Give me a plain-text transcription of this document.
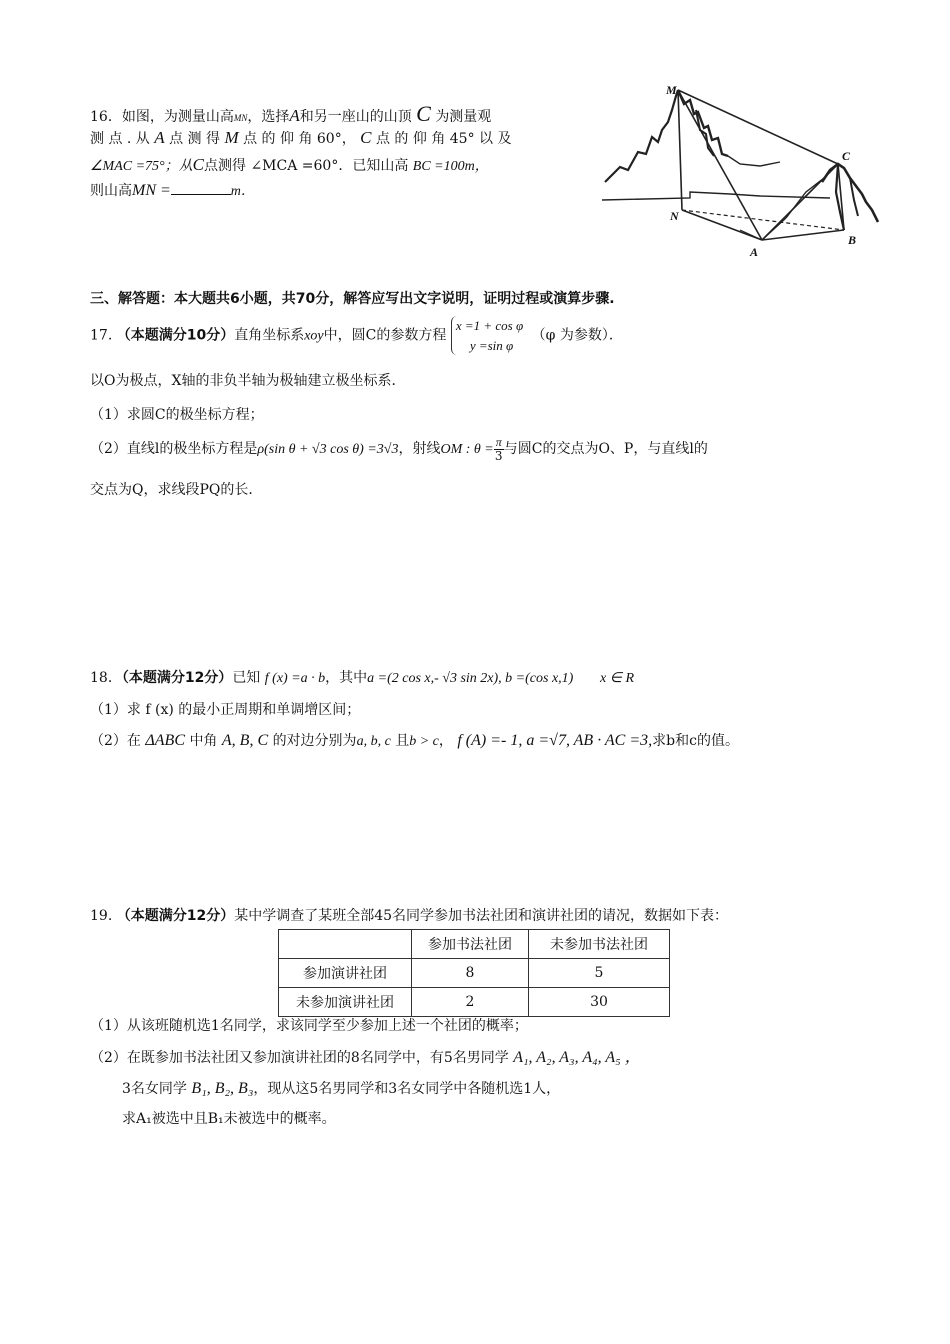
16．如图，为测量山高MN，选择A和另一座山的山顶 C 为测量观
测 点 . 从 A 点 测 得 M 点 的 仰 角 60°， C 点 的 仰 角 45° 以 及
∠MAC =75°；从C点测得 ∠MCA =60°．已知山高 BC =100m，
则山高MN =	m．
M
N
A
C
B
三、解答题：本大题共6小题，共70分，解答应写出文字说明，证明过程或演算步骤.
17. （本题满分10分）直角坐标系xoy中，圆C的参数方程
x =1 + cos φ
y =sin φ
（φ 为参数）．
以O为极点，X轴的非负半轴为极轴建立极坐标系．
（1）求圆C的极坐标方程；
（2）直线l的极坐标方程是ρ(sin θ + √3 cos θ) =3√3，射线OM : $\theta = \frac{\pi}{3}$ 与圆C的交点为O、P，与直线l的
交点为Q，求线段PQ的长．
18．（本题满分12分）已知 f (x) =a · b，其中a =(2 cos x,- √3 sin 2x), b =(cos x,1) x ∈ R
（1）求 f (x) 的最小正周期和单调增区间；
（2）在 ΔABC 中角 A, B, C 的对边分别为a, b, c 且b > c， f (A) =- 1, a =√7, AB · AC =3,求b和c的值。
19. （本题满分12分）某中学调查了某班全部45名同学参加书法社团和演讲社团的请况，数据如下表：
	参加书法社团	未参加书法社团
参加演讲社团	8	5
未参加演讲社团	2	30
（1）从该班随机选1名同学，求该同学至少参加上述一个社团的概率；
（2）在既参加书法社团又参加演讲社团的8名同学中，有5名男同学 A₁, A₂, A₃, A₄, A₅ ，
3名女同学 B₁, B₂, B₃，现从这5名男同学和3名女同学中各随机选1人，
求A₁被选中且B₁未被选中的概率。
